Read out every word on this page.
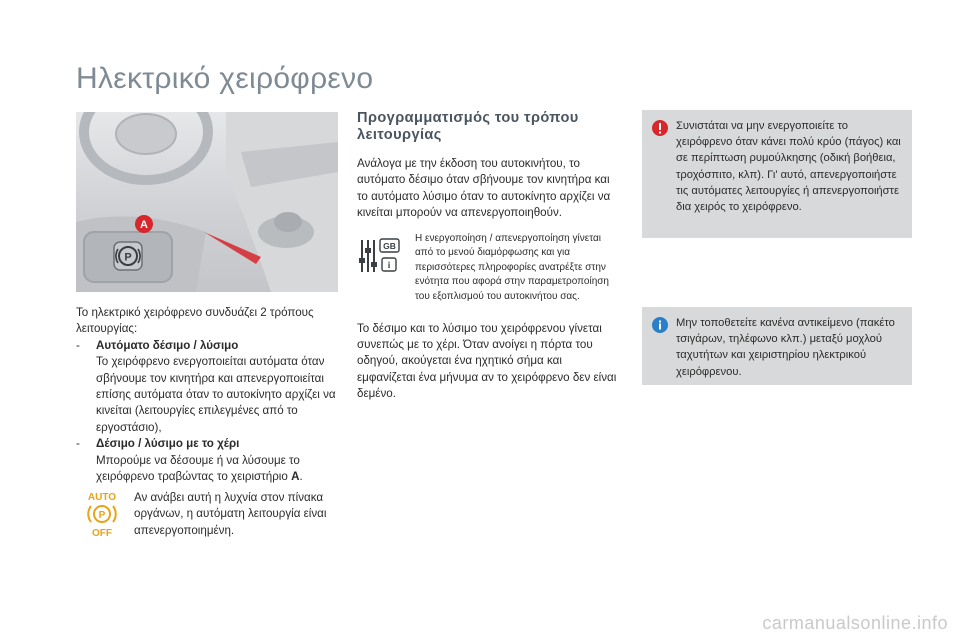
Ηλεκτρικό χειρόφρενο
P
A

Το ηλεκτρικό χειρόφρενο συνδυάζει 2 τρόπους λειτουργίας:

-	Αυτόματο δέσιμο / λύσιμο
Το χειρόφρενο ενεργοποιείται αυτόματα όταν σβήνουμε τον κινητήρα και απενεργοποιείται επίσης αυτόματα όταν το αυτοκίνητο αρχίζει να κινείται (λειτουργίες επιλεγμένες από το εργοστάσιο),
-	Δέσιμο / λύσιμο με το χέρι
Μπορούμε να δέσουμε ή να λύσουμε το χειρόφρενο τραβώντας το χειριστήριο A.
AUTO
P
OFF
Αν ανάβει αυτή η λυχνία στον πίνακα οργάνων, η αυτόματη λειτουργία είναι απενεργοποιημένη.
Προγραμματισμός του τρόπου λειτουργίας

Ανάλογα με την έκδοση του αυτοκινήτου, το αυτόματο δέσιμο όταν σβήνουμε τον κινητήρα και το αυτόματο λύσιμο όταν το αυτοκίνητο αρχίζει να κινείται μπορούν να απενεργοποιηθούν.

GB
i
Η ενεργοποίηση / απενεργοποίηση γίνεται από το μενού διαμόρφωσης και για περισσότερες πληροφορίες ανατρέξτε στην ενότητα που αφορά στην παραμετροποίηση του εξοπλισμού του αυτοκινήτου σας.

Το δέσιμο και το λύσιμο του χειρόφρενου γίνεται συνεπώς με το χέρι. Όταν ανοίγει η πόρτα του οδηγού, ακούγεται ένα ηχητικό σήμα και εμφανίζεται ένα μήνυμα αν το χειρόφρενο δεν είναι δεμένο.

Συνιστάται να μην ενεργοποιείτε το χειρόφρενο όταν κάνει πολύ κρύο (πάγος) και σε περίπτωση ρυμούλκησης (οδική βοήθεια, τροχόσπιτο, κλπ). Γι' αυτό, απενεργοποιήστε τις αυτόματες λειτουργίες ή απενεργοποιήστε δια χειρός το χειρόφρενο.
Μην τοποθετείτε κανένα αντικείμενο (πακέτο τσιγάρων, τηλέφωνο κλπ.) μεταξύ μοχλού ταχυτήτων και χειριστηρίου ηλεκτρικού χειρόφρενου.
carmanualsonline.info
